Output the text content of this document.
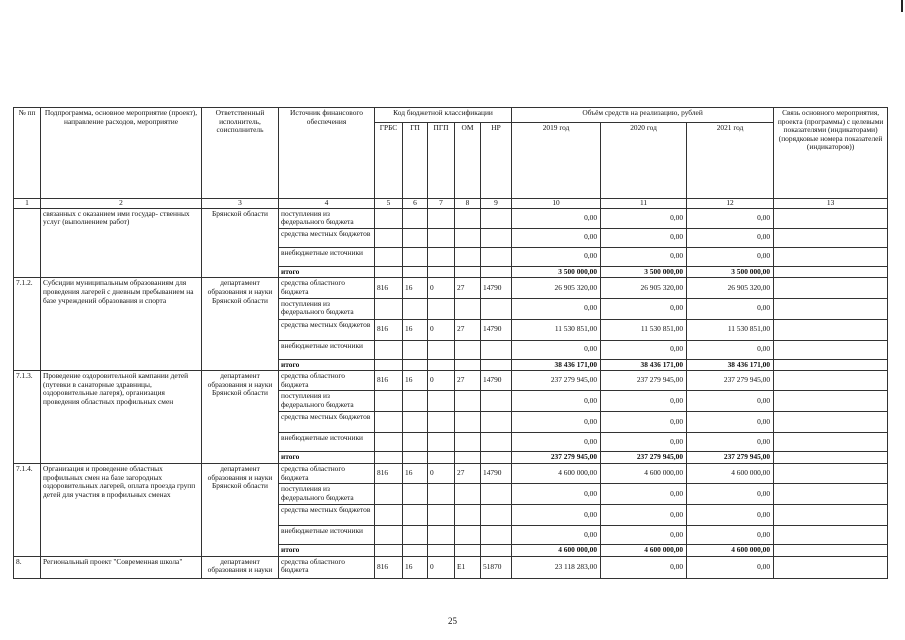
№ пп	Подпрограмма, основное мероприятие (проект), направление расходов, мероприятие	Ответственный исполнитель, соисполнитель	Источник финансового обеспечения	Код бюджетной классификации					Объём средств на реализацию, рублей			Связь основного мероприятия, проекта (программы) с целевыми показателями (индикаторами) (порядковые номера показателей (индикаторов))
				ГРБС	ГП	ПГП	ОМ	НР	2019 год	2020 год	2021 год	
1	2	3	4	5	6	7	8	9	10	11	12	13
	связанных с оказанием ими государ- ственных услуг (выполнением работ)	Брянской области	поступления из федерального бюджета						0,00	0,00	0,00	
			средства местных бюджетов						0,00	0,00	0,00	
			внебюджетные источники						0,00	0,00	0,00	
			итого						3 500 000,00	3 500 000,00	3 500 000,00	
7.1.2.	Субсидии муниципальным образованиям для проведения лагерей с дневным пребыванием на базе учреждений образования и спорта	департамент образования и науки Брянской области	средства областного бюджета	816	16	0	27	14790	26 905 320,00	26 905 320,00	26 905 320,00	
			поступления из федерального бюджета						0,00	0,00	0,00	
			средства местных бюджетов	816	16	0	27	14790	11 530 851,00	11 530 851,00	11 530 851,00	
			внебюджетные источники						0,00	0,00	0,00	
			итого						38 436 171,00	38 436 171,00	38 436 171,00	
7.1.3.	Проведение оздоровительной кампании детей (путевки в санаторные здравницы, оздоровительные лагеря), организация проведения областных профильных смен	департамент образования и науки Брянской области	средства областного бюджета	816	16	0	27	14790	237 279 945,00	237 279 945,00	237 279 945,00	
			поступления из федерального бюджета						0,00	0,00	0,00	
			средства местных бюджетов						0,00	0,00	0,00	
			внебюджетные источники						0,00	0,00	0,00	
			итого						237 279 945,00	237 279 945,00	237 279 945,00	
7.1.4.	Организация и проведение областных профильных смен на базе загородных оздоровительных лагерей, оплата проезда групп детей для участия в профильных сменах	департамент образования и науки Брянской области	средства областного бюджета	816	16	0	27	14790	4 600 000,00	4 600 000,00	4 600 000,00	
			поступления из федерального бюджета						0,00	0,00	0,00	
			средства местных бюджетов						0,00	0,00	0,00	
			внебюджетные источники						0,00	0,00	0,00	
			итого						4 600 000,00	4 600 000,00	4 600 000,00	
8.	Региональный проект "Современная школа"	департамент образования и науки	средства областного бюджета	816	16	0	E1	51870	23 118 283,00	0,00	0,00	
25
